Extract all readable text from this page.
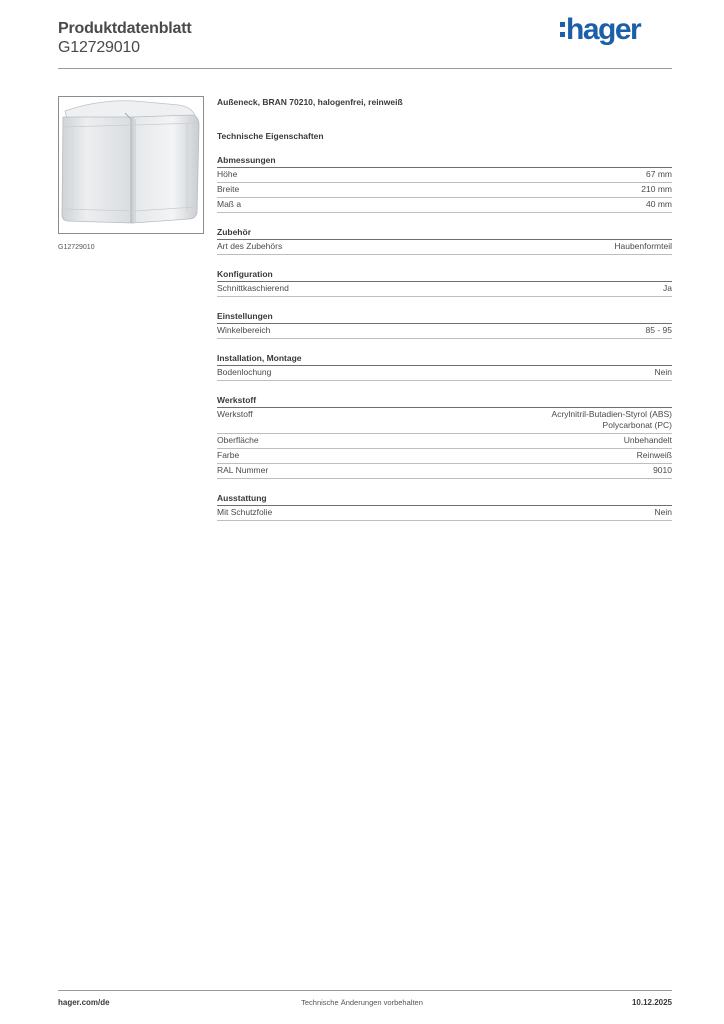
Produktdatenblatt
G12729010
hager
G12729010
Außeneck, BRAN 70210, halogenfrei, reinweiß
Technische Eigenschaften
Abmessungen
Höhe	67 mm
Breite	210 mm
Maß a	40 mm
Zubehör
Art des Zubehörs	Haubenformteil
Konfiguration
Schnittkaschierend	Ja
Einstellungen
Winkelbereich	85 - 95
Installation, Montage
Bodenlochung	Nein
Werkstoff
Werkstoff	Acrylnitril-Butadien-Styrol (ABS)
Polycarbonat (PC)
Oberfläche	Unbehandelt
Farbe	Reinweiß
RAL Nummer	9010
Ausstattung
Mit Schutzfolie	Nein
hager.com/de	Technische Änderungen vorbehalten	10.12.2025
